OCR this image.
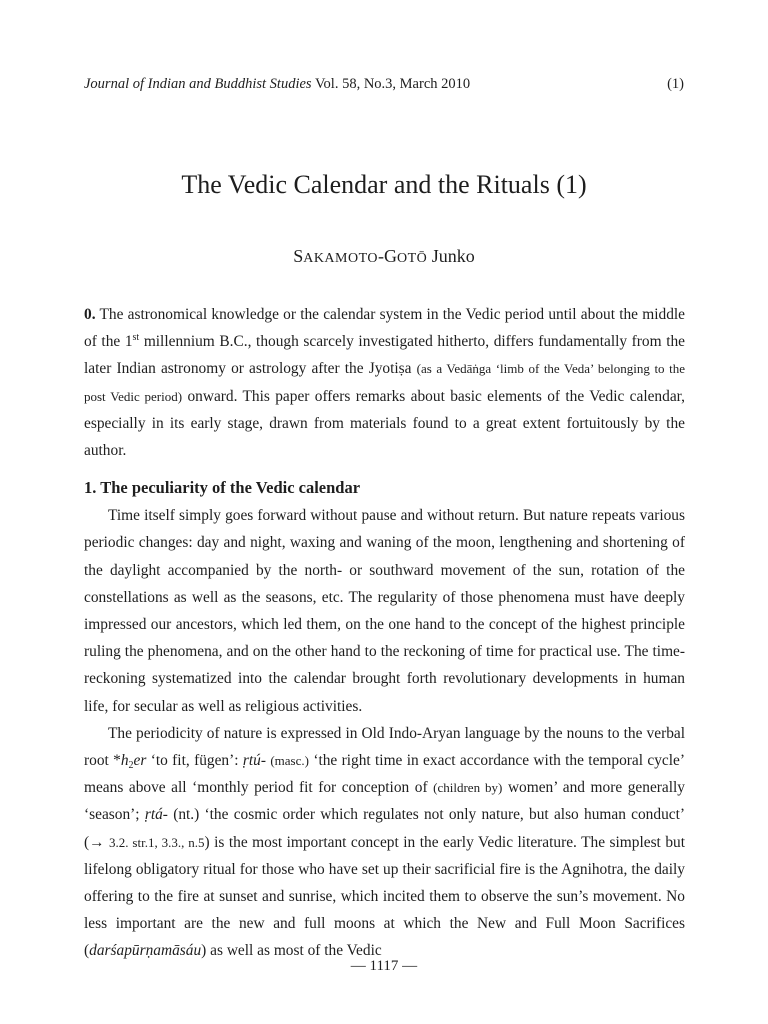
Journal of Indian and Buddhist Studies Vol. 58, No.3, March 2010	(1)
The Vedic Calendar and the Rituals (1)
SAKAMOTO-GOTŌ Junko

0. The astronomical knowledge or the calendar system in the Vedic period until about the middle of the 1st millennium B.C., though scarcely investigated hitherto, differs fundamentally from the later Indian astronomy or astrology after the Jyotiṣa (as a Vedāṅga ‘limb of the Veda’ belonging to the post Vedic period) onward. This paper offers remarks about basic elements of the Vedic calendar, especially in its early stage, drawn from materials found to a great extent fortuitously by the author.

1. The peculiarity of the Vedic calendar

Time itself simply goes forward without pause and without return. But nature repeats various periodic changes: day and night, waxing and waning of the moon, lengthening and shortening of the daylight accompanied by the north- or southward movement of the sun, rotation of the constellations as well as the seasons, etc. The regularity of those phenomena must have deeply impressed our ancestors, which led them, on the one hand to the concept of the highest principle ruling the phenomena, and on the other hand to the reckoning of time for practical use. The time-reckoning systematized into the calendar brought forth revolutionary developments in human life, for secular as well as religious activities.

The periodicity of nature is expressed in Old Indo-Aryan language by the nouns to the verbal root $*h_2er$ ‘to fit, fügen’: ṛtú- (masc.) ‘the right time in exact accordance with the temporal cycle’ means above all ‘monthly period fit for conception of (children by) women’ and more generally ‘season’; ṛtá- (nt.) ‘the cosmic order which regulates not only nature, but also human conduct’ (→ 3.2. str.1, 3.3., n.5) is the most important concept in the early Vedic literature. The simplest but lifelong obligatory ritual for those who have set up their sacrificial fire is the Agnihotra, the daily offering to the fire at sunset and sunrise, which incited them to observe the sun’s movement. No less important are the new and full moons at which the New and Full Moon Sacrifices (darśapūrṇamāsáu) as well as most of the Vedic

— 1117 —
